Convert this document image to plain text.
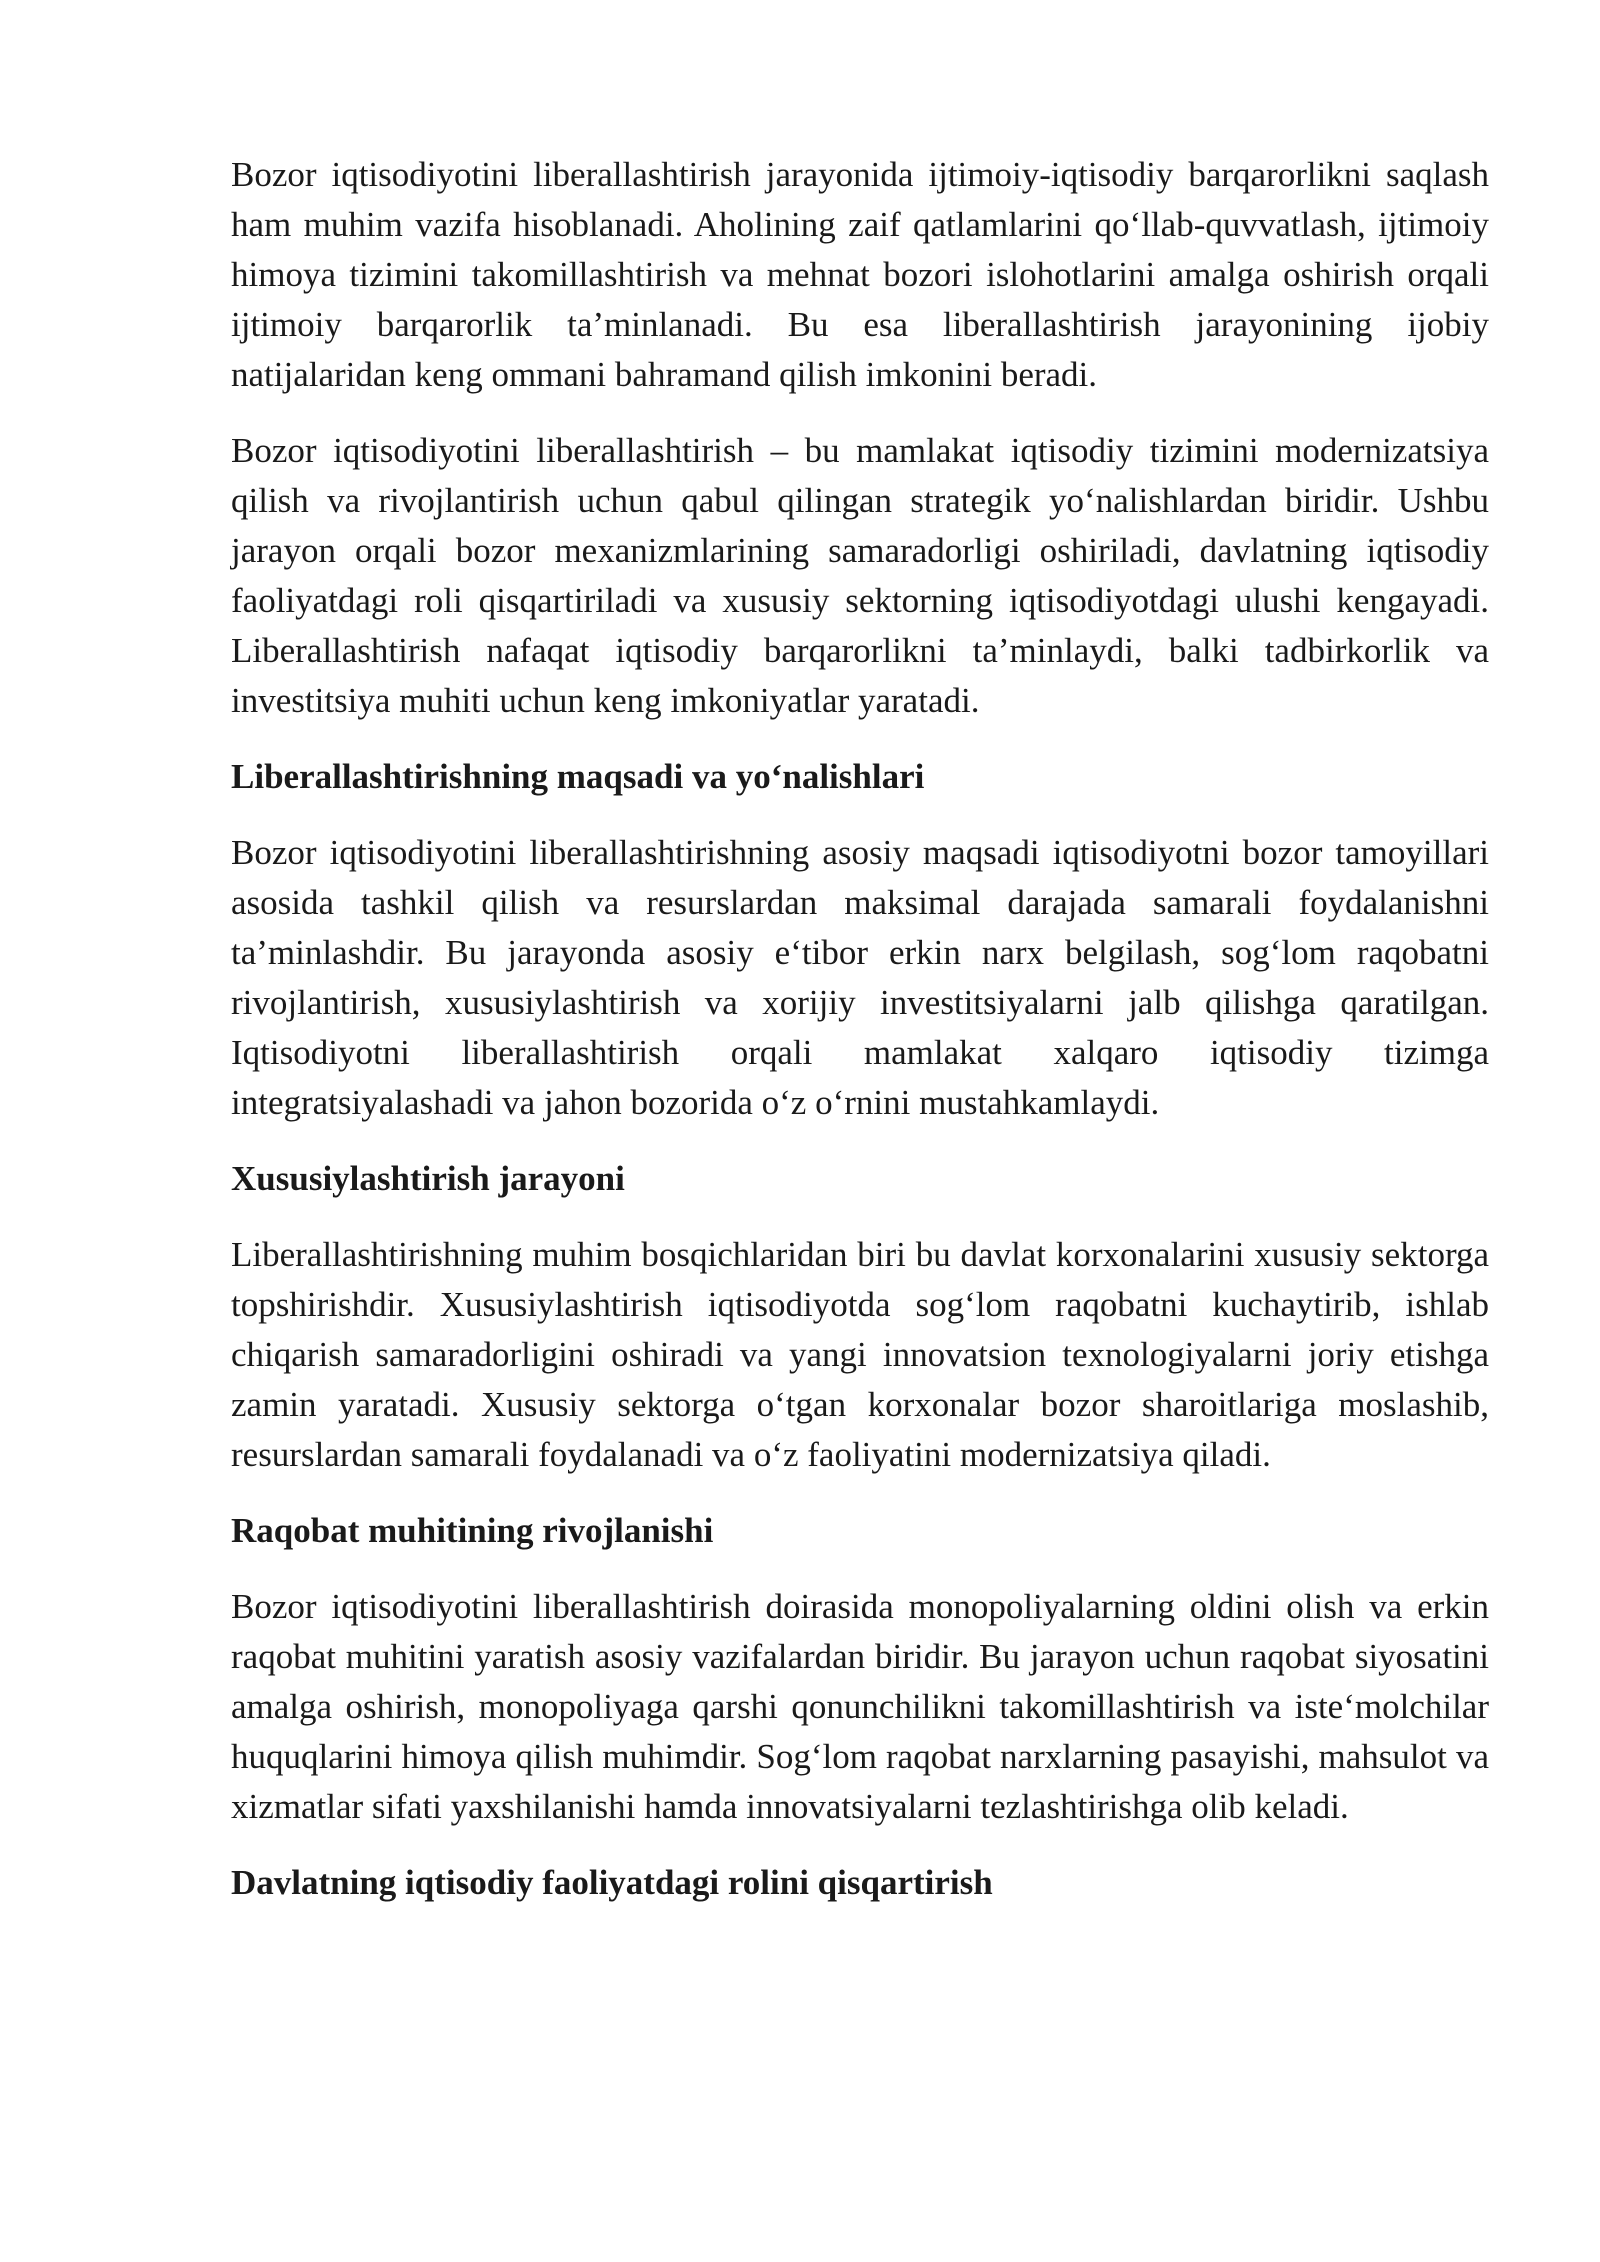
Bozor iqtisodiyotini liberallashtirish jarayonida ijtimoiy-iqtisodiy barqarorlikni saqlash ham muhim vazifa hisoblanadi. Aholining zaif qatlamlarini qo‘llab-quvvatlash, ijtimoiy himoya tizimini takomillashtirish va mehnat bozori islohotlarini amalga oshirish orqali ijtimoiy barqarorlik ta’minlanadi. Bu esa liberallashtirish jarayonining ijobiy natijalaridan keng ommani bahramand qilish imkonini beradi.

Bozor iqtisodiyotini liberallashtirish – bu mamlakat iqtisodiy tizimini modernizatsiya qilish va rivojlantirish uchun qabul qilingan strategik yo‘nalishlardan biridir. Ushbu jarayon orqali bozor mexanizmlarining samaradorligi oshiriladi, davlatning iqtisodiy faoliyatdagi roli qisqartiriladi va xususiy sektorning iqtisodiyotdagi ulushi kengayadi. Liberallashtirish nafaqat iqtisodiy barqarorlikni ta’minlaydi, balki tadbirkorlik va investitsiya muhiti uchun keng imkoniyatlar yaratadi.

Liberallashtirishning maqsadi va yo‘nalishlari

Bozor iqtisodiyotini liberallashtirishning asosiy maqsadi iqtisodiyotni bozor tamoyillari asosida tashkil qilish va resurslardan maksimal darajada samarali foydalanishni ta’minlashdir. Bu jarayonda asosiy e‘tibor erkin narx belgilash, sog‘lom raqobatni rivojlantirish, xususiylashtirish va xorijiy investitsiyalarni jalb qilishga qaratilgan. Iqtisodiyotni liberallashtirish orqali mamlakat xalqaro iqtisodiy tizimga integratsiyalashadi va jahon bozorida o‘z o‘rnini mustahkamlaydi.

Xususiylashtirish jarayoni

Liberallashtirishning muhim bosqichlaridan biri bu davlat korxonalarini xususiy sektorga topshirishdir. Xususiylashtirish iqtisodiyotda sog‘lom raqobatni kuchaytirib, ishlab chiqarish samaradorligini oshiradi va yangi innovatsion texnologiyalarni joriy etishga zamin yaratadi. Xususiy sektorga o‘tgan korxonalar bozor sharoitlariga moslashib, resurslardan samarali foydalanadi va o‘z faoliyatini modernizatsiya qiladi.

Raqobat muhitining rivojlanishi

Bozor iqtisodiyotini liberallashtirish doirasida monopoliyalarning oldini olish va erkin raqobat muhitini yaratish asosiy vazifalardan biridir. Bu jarayon uchun raqobat siyosatini amalga oshirish, monopoliyaga qarshi qonunchilikni takomillashtirish va iste‘molchilar huquqlarini himoya qilish muhimdir. Sog‘lom raqobat narxlarning pasayishi, mahsulot va xizmatlar sifati yaxshilanishi hamda innovatsiyalarni tezlashtirishga olib keladi.

Davlatning iqtisodiy faoliyatdagi rolini qisqartirish
